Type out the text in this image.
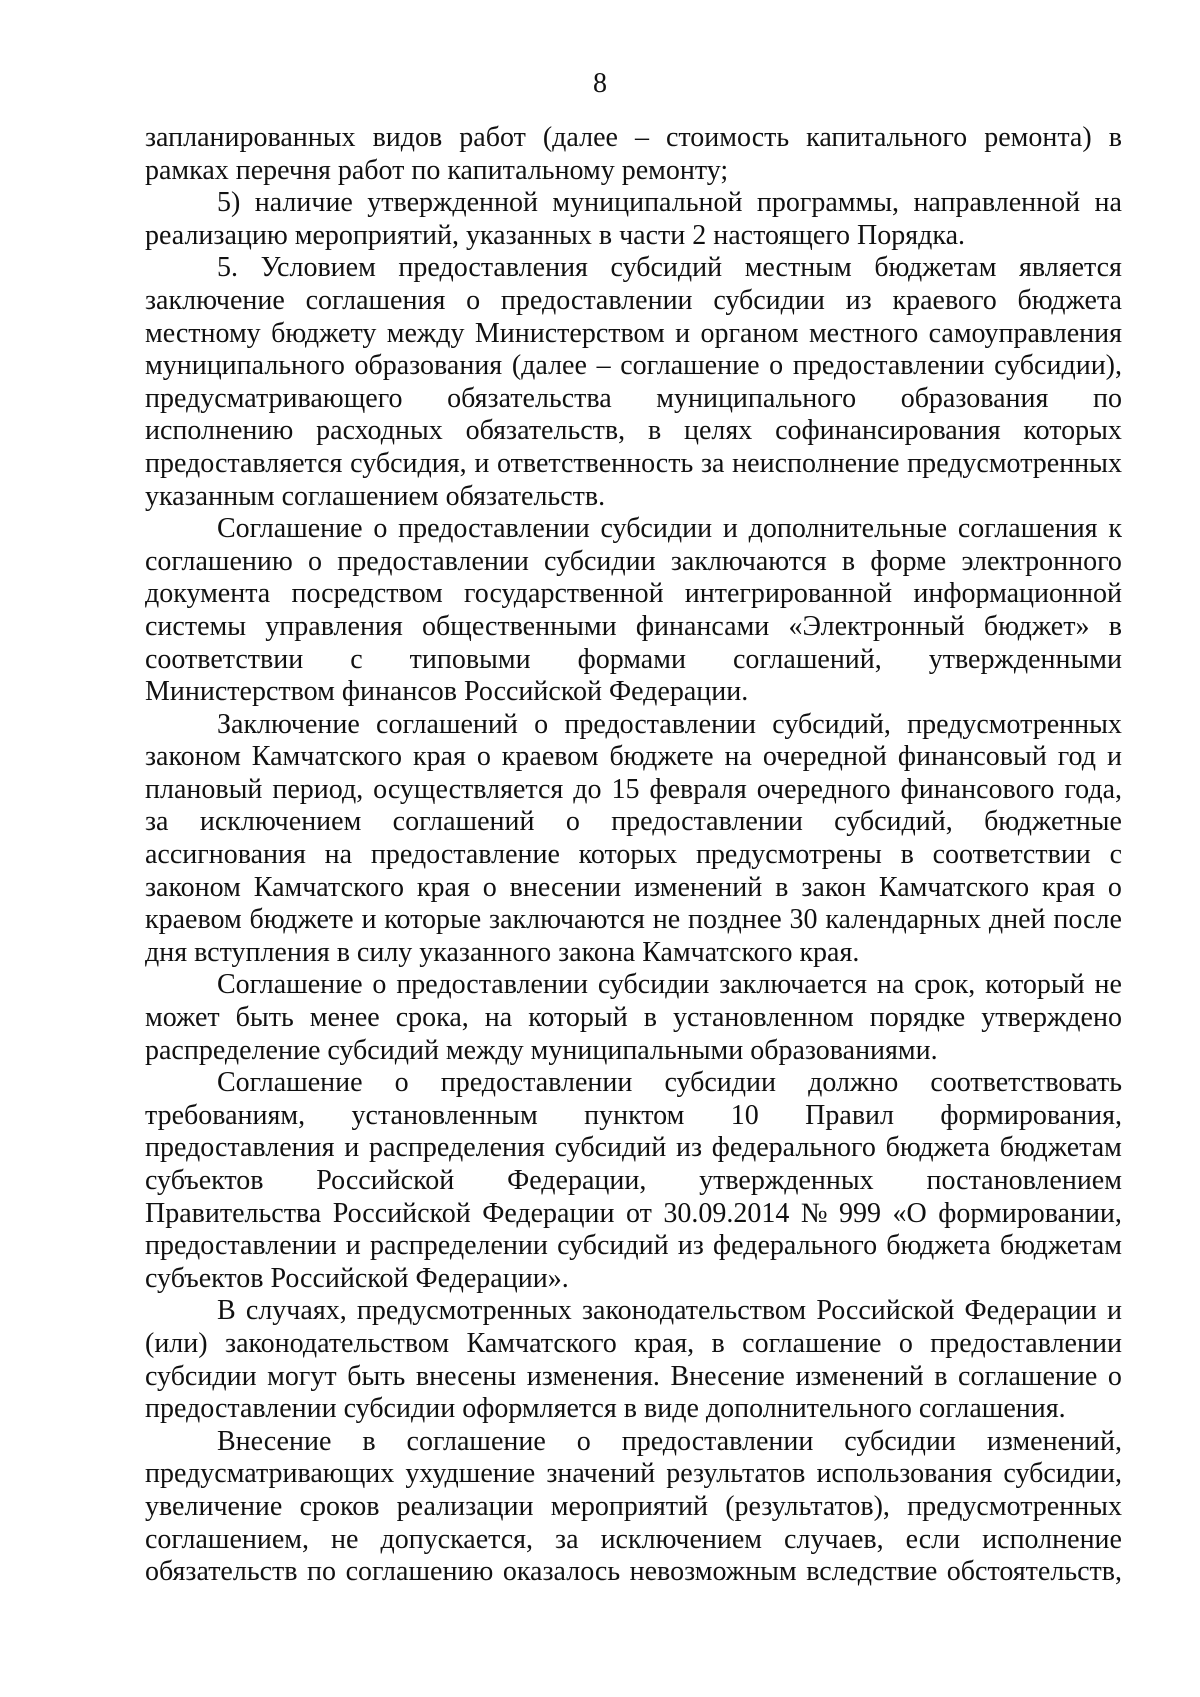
8
запланированных видов работ (далее – стоимость капитального ремонта) в
рамках перечня работ по капитальному ремонту;
5) наличие утвержденной муниципальной программы, направленной на
реализацию мероприятий, указанных в части 2 настоящего Порядка.
5. Условием предоставления субсидий местным бюджетам является
заключение соглашения о предоставлении субсидии из краевого бюджета
местному бюджету между Министерством и органом местного самоуправления
муниципального образования (далее – соглашение о предоставлении субсидии),
предусматривающего обязательства муниципального образования по
исполнению расходных обязательств, в целях софинансирования которых
предоставляется субсидия, и ответственность за неисполнение предусмотренных
указанным соглашением обязательств.
Соглашение о предоставлении субсидии и дополнительные соглашения к
соглашению о предоставлении субсидии заключаются в форме электронного
документа посредством государственной интегрированной информационной
системы управления общественными финансами «Электронный бюджет» в
соответствии с типовыми формами соглашений, утвержденными
Министерством финансов Российской Федерации.
Заключение соглашений о предоставлении субсидий, предусмотренных
законом Камчатского края о краевом бюджете на очередной финансовый год и
плановый период, осуществляется до 15 февраля очередного финансового года,
за исключением соглашений о предоставлении субсидий, бюджетные
ассигнования на предоставление которых предусмотрены в соответствии с
законом Камчатского края о внесении изменений в закон Камчатского края о
краевом бюджете и которые заключаются не позднее 30 календарных дней после
дня вступления в силу указанного закона Камчатского края.
Соглашение о предоставлении субсидии заключается на срок, который не
может быть менее срока, на который в установленном порядке утверждено
распределение субсидий между муниципальными образованиями.
Соглашение о предоставлении субсидии должно соответствовать
требованиям, установленным пунктом 10 Правил формирования,
предоставления и распределения субсидий из федерального бюджета бюджетам
субъектов Российской Федерации, утвержденных постановлением
Правительства Российской Федерации от 30.09.2014 № 999 «О формировании,
предоставлении и распределении субсидий из федерального бюджета бюджетам
субъектов Российской Федерации».
В случаях, предусмотренных законодательством Российской Федерации и
(или) законодательством Камчатского края, в соглашение о предоставлении
субсидии могут быть внесены изменения. Внесение изменений в соглашение о
предоставлении субсидии оформляется в виде дополнительного соглашения.
Внесение в соглашение о предоставлении субсидии изменений,
предусматривающих ухудшение значений результатов использования субсидии,
увеличение сроков реализации мероприятий (результатов), предусмотренных
соглашением, не допускается, за исключением случаев, если исполнение
обязательств по соглашению оказалось невозможным вследствие обстоятельств,
